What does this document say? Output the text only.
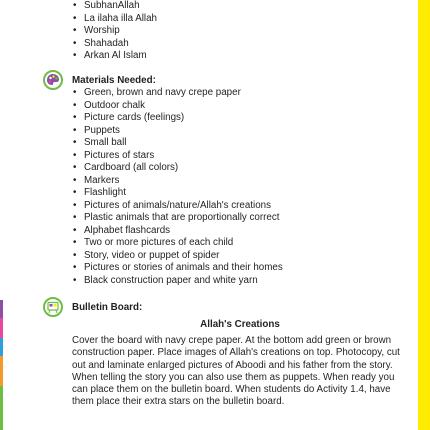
• SubhanAllah
• La ilaha illa Allah
• Worship
• Shahadah
• Arkan Al Islam
Materials Needed:
• Green, brown and navy crepe paper
• Outdoor chalk
• Picture cards (feelings)
• Puppets
• Small ball
• Pictures of stars
• Cardboard (all colors)
• Markers
• Flashlight
• Pictures of animals/nature/Allah's creations
• Plastic animals that are proportionally correct
• Alphabet flashcards
• Two or more pictures of each child
• Story, video or puppet of spider
• Pictures or stories of animals and their homes
• Black construction paper and white yarn
Bulletin Board:
Allah's Creations

Cover the board with navy crepe paper. At the bottom add green or brown construction paper. Place images of Allah's creations on top. Photocopy, cut out and laminate enlarged pictures of Aboodi and his father from the story. When telling the story you can also use them as puppets. When ready you can place them on the bulletin board. When students do Activity 1.4, have them place their extra stars on the bulletin board.
